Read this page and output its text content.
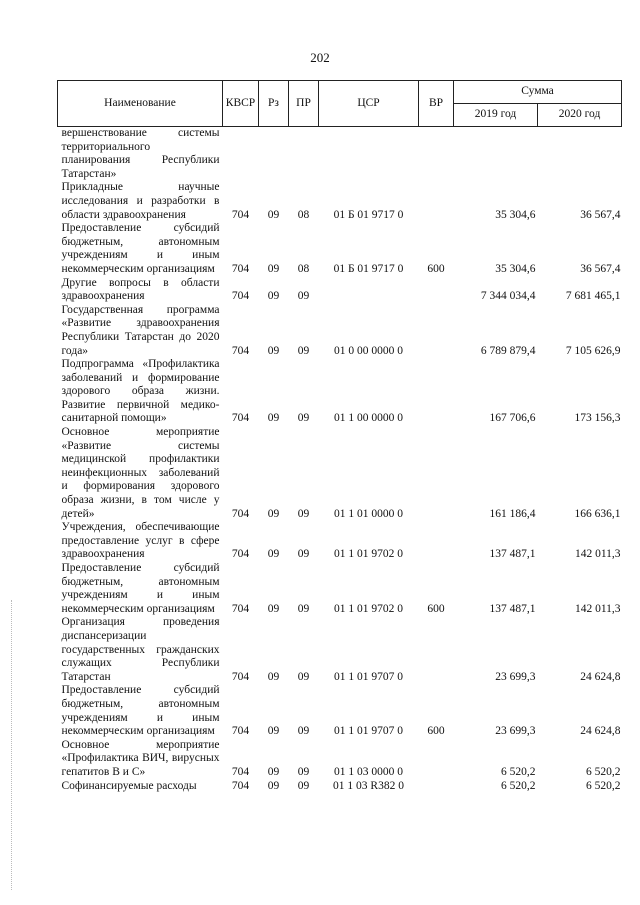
202
Наименование	КВСР	Рз	ПР	ЦСР	ВР	Сумма	
						2019 год	2020 год
вершенствование системы территориального планирования Республики Татарстан»							
Прикладные научные исследования и разработки в области здравоохранения	704	09	08	01 Б 01 9717 0		35 304,6	36 567,4
Предоставление субсидий бюджетным, автономным учреждениям и иным некоммерческим организациям	704	09	08	01 Б 01 9717 0	600	35 304,6	36 567,4
Другие вопросы в области здравоохранения	704	09	09			7 344 034,4	7 681 465,1
Государственная программа «Развитие здравоохранения Республики Татарстан до 2020 года»	704	09	09	01 0 00 0000 0		6 789 879,4	7 105 626,9
Подпрограмма «Профилактика заболеваний и формирование здорового образа жизни. Развитие первичной медико-санитарной помощи»	704	09	09	01 1 00 0000 0		167 706,6	173 156,3
Основное мероприятие «Развитие системы медицинской профилактики неинфекционных заболеваний и формирования здорового образа жизни, в том числе у детей»	704	09	09	01 1 01 0000 0		161 186,4	166 636,1
Учреждения, обеспечивающие предоставление услуг в сфере здравоохранения	704	09	09	01 1 01 9702 0		137 487,1	142 011,3
Предоставление субсидий бюджетным, автономным учреждениям и иным некоммерческим организациям	704	09	09	01 1 01 9702 0	600	137 487,1	142 011,3
Организация проведения диспансеризации государственных гражданских служащих Республики Татарстан	704	09	09	01 1 01 9707 0		23 699,3	24 624,8
Предоставление субсидий бюджетным, автономным учреждениям и иным некоммерческим организациям	704	09	09	01 1 01 9707 0	600	23 699,3	24 624,8
Основное мероприятие «Профилактика ВИЧ, вирусных гепатитов В и С»	704	09	09	01 1 03 0000 0		6 520,2	6 520,2
Софинансируемые расходы	704	09	09	01 1 03 R382 0		6 520,2	6 520,2
